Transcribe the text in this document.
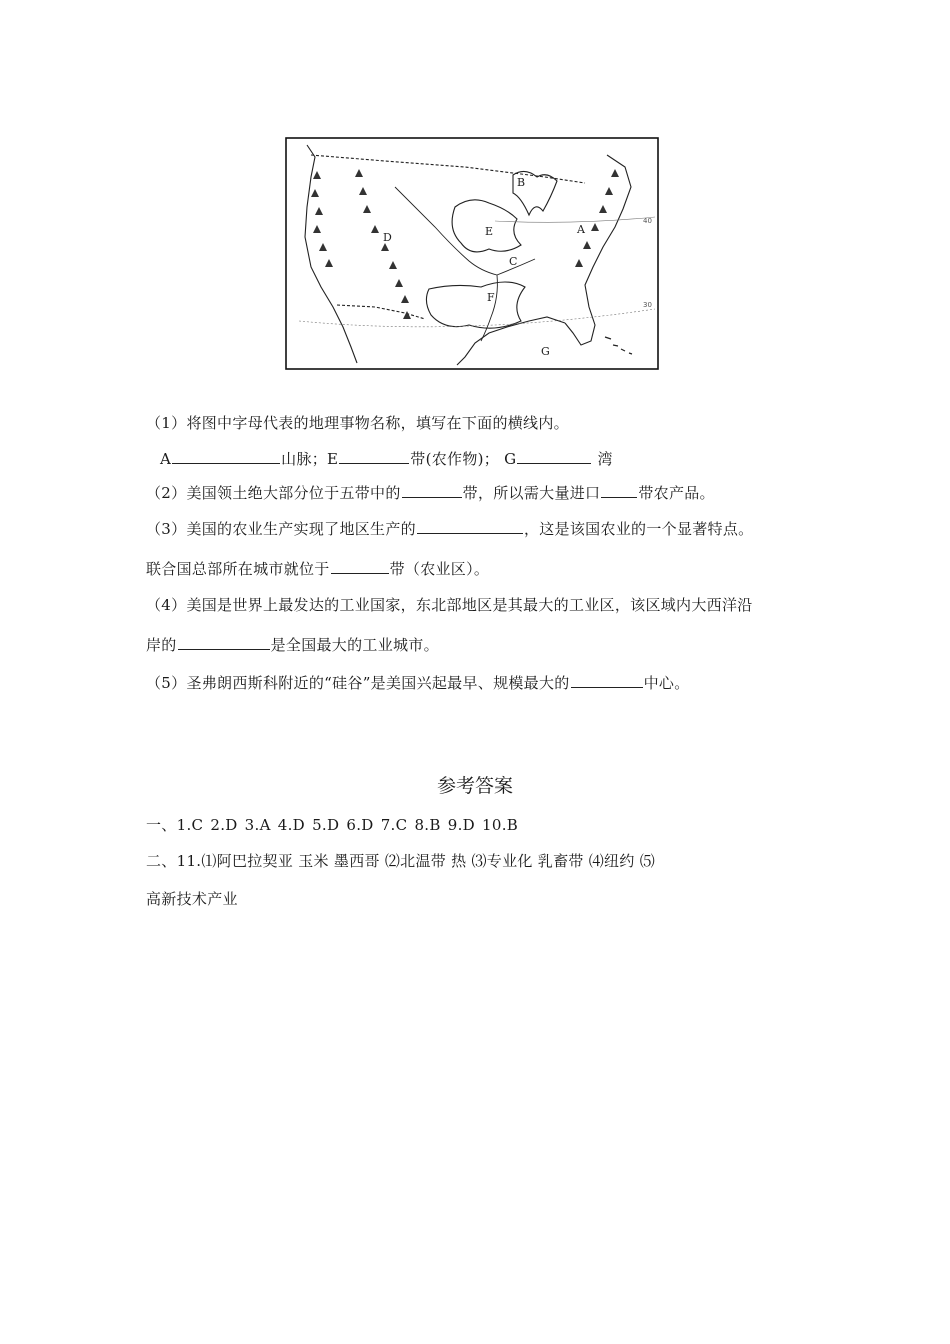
A
B
C
D	E
F
G
40
30
（1）将图中字母代表的地理事物名称，填写在下面的横线内。
A	山脉；E	带(农作物)； G	湾
（2）美国领土绝大部分位于五带中的	带，所以需大量进口	带农产品。
（3）美国的农业生产实现了地区生产的	，这是该国农业的一个显著特点。
联合国总部所在城市就位于	带（农业区）。
（4）美国是世界上最发达的工业国家，东北部地区是其最大的工业区，该区域内大西洋沿
岸的	是全国最大的工业城市。
（5）圣弗朗西斯科附近的“硅谷”是美国兴起最早、规模最大的	中心。
参考答案
一、1.C 2.D 3.A 4.D 5.D 6.D 7.C 8.B 9.D 10.B
二、11.⑴阿巴拉契亚 玉米 墨西哥 ⑵北温带 热 ⑶专业化 乳畜带 ⑷纽约 ⑸
高新技术产业
